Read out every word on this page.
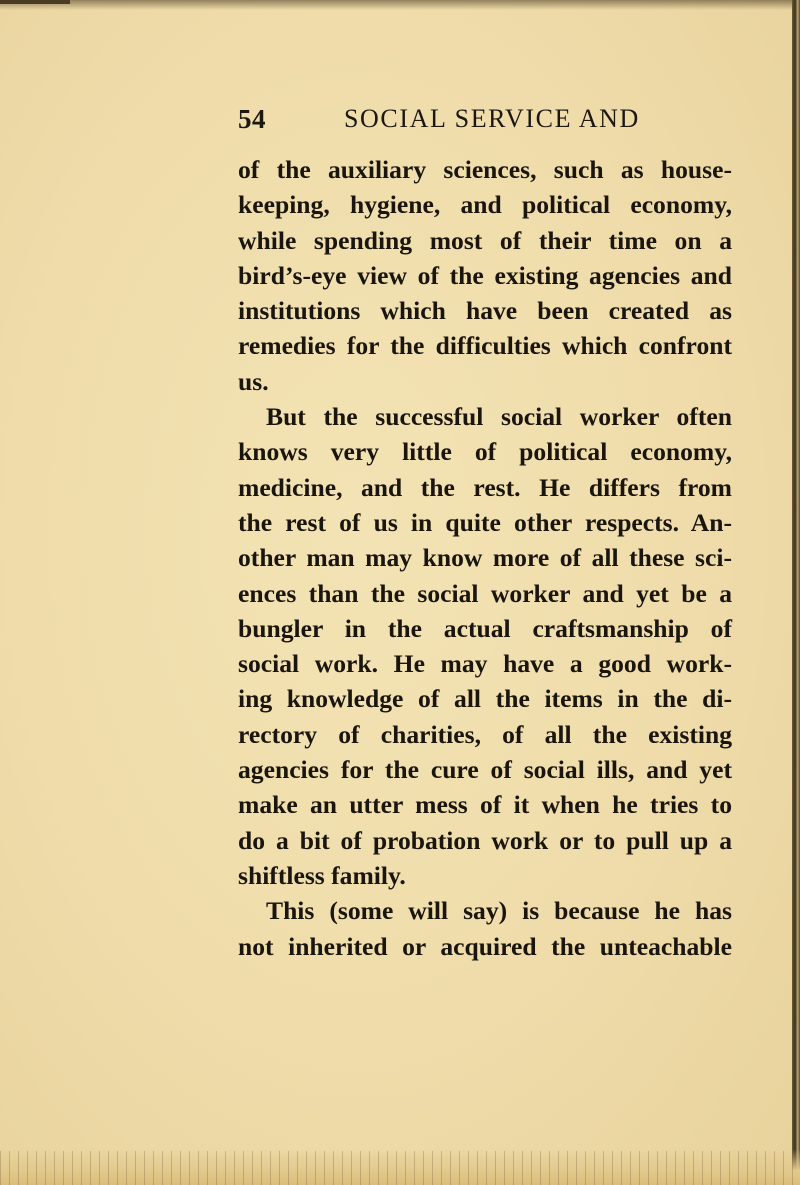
54	SOCIAL SERVICE AND
of the auxiliary sciences, such as house-
keeping, hygiene, and political economy,
while spending most of their time on a
bird’s-eye view of the existing agencies and
institutions which have been created as
remedies for the difficulties which confront
us.
But the successful social worker often
knows very little of political economy,
medicine, and the rest. He differs from
the rest of us in quite other respects. An-
other man may know more of all these sci-
ences than the social worker and yet be a
bungler in the actual craftsmanship of
social work. He may have a good work-
ing knowledge of all the items in the di-
rectory of charities, of all the existing
agencies for the cure of social ills, and yet
make an utter mess of it when he tries to
do a bit of probation work or to pull up a
shiftless family.
This (some will say) is because he has
not inherited or acquired the unteachable
